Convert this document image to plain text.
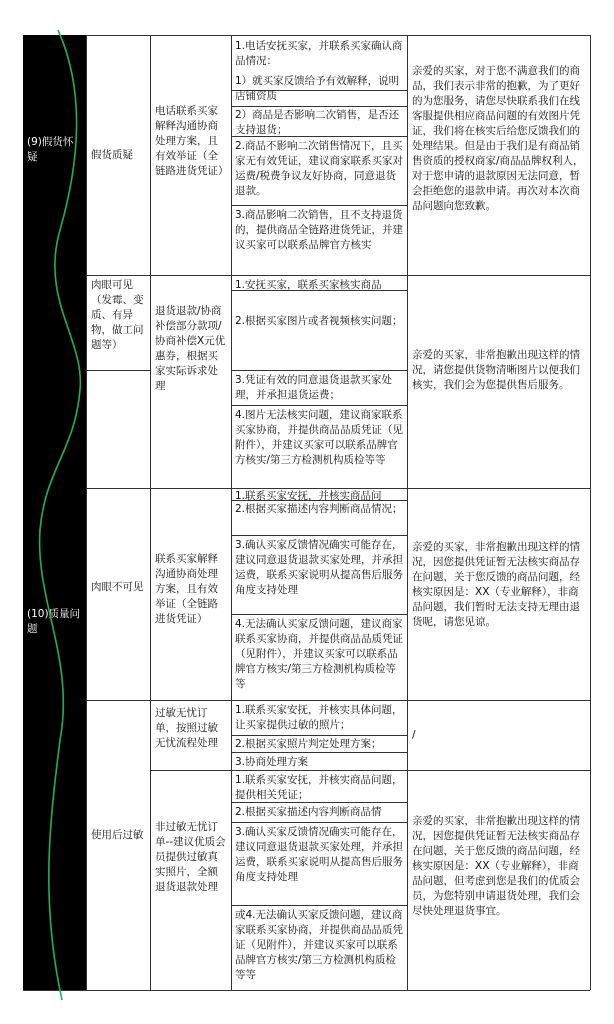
(9)假货怀疑
(10)质量问题
假货质疑
肉眼可见（发霉、变质、有异物，做工问题等）
肉眼不可见
使用后过敏
电话联系买家解释沟通协商处理方案，且有效举证（全链路进货凭证）
退货退款/协商补偿部分款项/协商补偿X元优惠券，根据买家实际诉求处理
联系买家解释沟通协商处理方案，且有效举证（全链路进货凭证）
过敏无忧订单，按照过敏无忧流程处理
非过敏无忧订单--建议优质会员提供过敏真实照片，全额退货退款处理
1.电话安抚买家，并联系买家确认商品情况：
1）就买家反馈给予有效解释，说明店铺资质
2）商品是否影响二次销售，是否还支持退货；
2.商品不影响二次销售情况下，且买家无有效凭证，建议商家联系买家对运费/税费争议友好协商，同意退货退款。
3.商品影响二次销售，且不支持退货的，提供商品全链路进货凭证，并建议买家可以联系品牌官方核实
1.安抚买家，联系买家核实商品
2.根据买家图片或者视频核实问题；
3.凭证有效的同意退货退款买家处理，并承担退货运费；
4.图片无法核实问题，建议商家联系买家协商，并提供商品品质凭证（见附件），并建议买家可以联系品牌官方核实/第三方检测机构质检等等
1.联系买家安抚，并核实商品问
2.根据买家描述内容判断商品情况；
3.确认买家反馈情况确实可能存在，建议同意退货退款买家处理，并承担运费，联系买家说明从提高售后服务角度支持处理
4.无法确认买家反馈问题，建议商家联系买家协商，并提供商品品质凭证（见附件），并建议买家可以联系品牌官方核实/第三方检测机构质检等等
1.联系买家安抚，并核实具体问题，让买家提供过敏的照片；
2.根据买家照片判定处理方案；
3.协商处理方案
1.联系买家安抚，并核实商品问题，提供相关凭证；
2.根据买家描述内容判断商品情
3.确认买家反馈情况确实可能存在，建议同意退货退款买家处理，并承担运费，联系买家说明从提高售后服务角度支持处理
或4.无法确认买家反馈问题，建议商家联系买家协商，并提供商品品质凭证（见附件），并建议买家可以联系品牌官方核实/第三方检测机构质检等等
亲爱的买家，对于您不满意我们的商品，我们表示非常的抱歉，为了更好的为您服务，请您尽快联系我们在线客服提供相应商品问题的有效图片凭证，我们将在核实后给您反馈我们的处理结果。但是由于我们是有商品销售资质的授权商家/商品品牌权利人，对于您申请的退款原因无法同意，暂会拒绝您的退款申请。再次对本次商品问题向您致歉。
亲爱的买家，非常抱歉出现这样的情况，请您提供货物清晰图片以便我们核实，我们会为您提供售后服务。
亲爱的买家，非常抱歉出现这样的情况，因您提供凭证暂无法核实商品存在问题，关于您反馈的商品问题，经核实原因是：XX（专业解释），非商品问题，我们暂时无法支持无理由退货呢，请您见谅。
/
亲爱的买家，非常抱歉出现这样的情况，因您提供凭证暂无法核实商品存在问题，关于您反馈的商品问题，经核实原因是：XX（专业解释），非商品问题，但考虑到您是我们的优质会员，为您特别申请退货处理，我们会尽快处理退货事宜。
